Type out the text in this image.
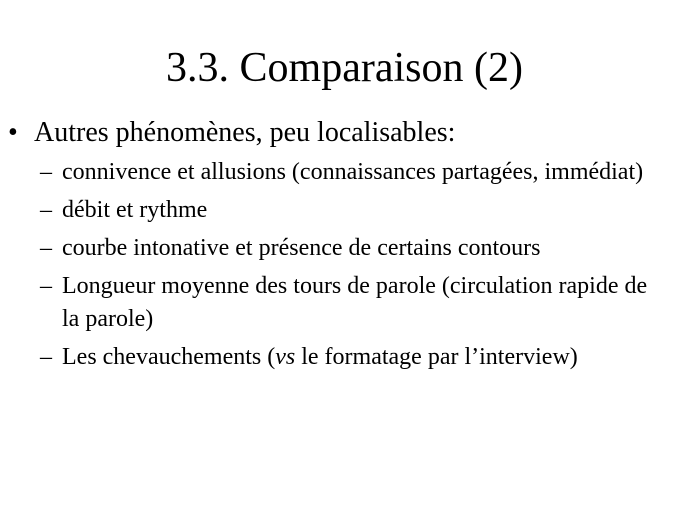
3.3. Comparaison (2)
• Autres phénomènes, peu localisables:
– connivence et allusions (connaissances partagées, immédiat)
– débit et rythme
– courbe intonative et présence de certains contours
– Longueur moyenne des tours de parole (circulation rapide de la parole)
– Les chevauchements (vs le formatage par l’interview)
